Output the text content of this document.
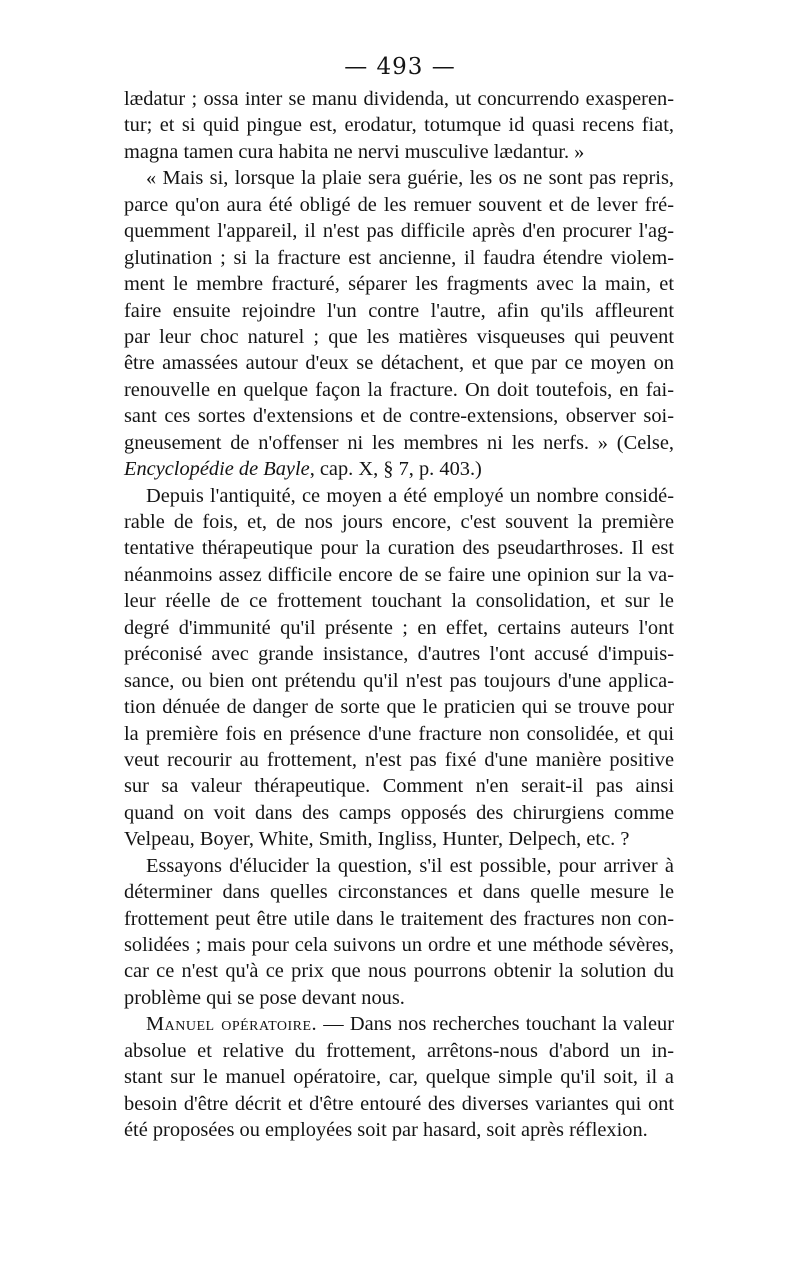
— 493 —
lædatur ; ossa inter se manu dividenda, ut concurrendo exasperen-
tur; et si quid pingue est, erodatur, totumque id quasi recens fiat,
magna tamen cura habita ne nervi musculive lædantur. »
« Mais si, lorsque la plaie sera guérie, les os ne sont pas repris,
parce qu'on aura été obligé de les remuer souvent et de lever fré-
quemment l'appareil, il n'est pas difficile après d'en procurer l'ag-
glutination ; si la fracture est ancienne, il faudra étendre violem-
ment le membre fracturé, séparer les fragments avec la main, et
faire ensuite rejoindre l'un contre l'autre, afin qu'ils affleurent
par leur choc naturel ; que les matières visqueuses qui peuvent
être amassées autour d'eux se détachent, et que par ce moyen on
renouvelle en quelque façon la fracture. On doit toutefois, en fai-
sant ces sortes d'extensions et de contre-extensions, observer soi-
gneusement de n'offenser ni les membres ni les nerfs. » (Celse,
Encyclopédie de Bayle, cap. X, § 7, p. 403.)
Depuis l'antiquité, ce moyen a été employé un nombre considé-
rable de fois, et, de nos jours encore, c'est souvent la première
tentative thérapeutique pour la curation des pseudarthroses. Il est
néanmoins assez difficile encore de se faire une opinion sur la va-
leur réelle de ce frottement touchant la consolidation, et sur le
degré d'immunité qu'il présente ; en effet, certains auteurs l'ont
préconisé avec grande insistance, d'autres l'ont accusé d'impuis-
sance, ou bien ont prétendu qu'il n'est pas toujours d'une applica-
tion dénuée de danger de sorte que le praticien qui se trouve pour
la première fois en présence d'une fracture non consolidée, et qui
veut recourir au frottement, n'est pas fixé d'une manière positive
sur sa valeur thérapeutique. Comment n'en serait-il pas ainsi
quand on voit dans des camps opposés des chirurgiens comme
Velpeau, Boyer, White, Smith, Ingliss, Hunter, Delpech, etc. ?
Essayons d'élucider la question, s'il est possible, pour arriver à
déterminer dans quelles circonstances et dans quelle mesure le
frottement peut être utile dans le traitement des fractures non con-
solidées ; mais pour cela suivons un ordre et une méthode sévères,
car ce n'est qu'à ce prix que nous pourrons obtenir la solution du
problème qui se pose devant nous.
Manuel opératoire. — Dans nos recherches touchant la valeur
absolue et relative du frottement, arrêtons-nous d'abord un in-
stant sur le manuel opératoire, car, quelque simple qu'il soit, il a
besoin d'être décrit et d'être entouré des diverses variantes qui ont
été proposées ou employées soit par hasard, soit après réflexion.
